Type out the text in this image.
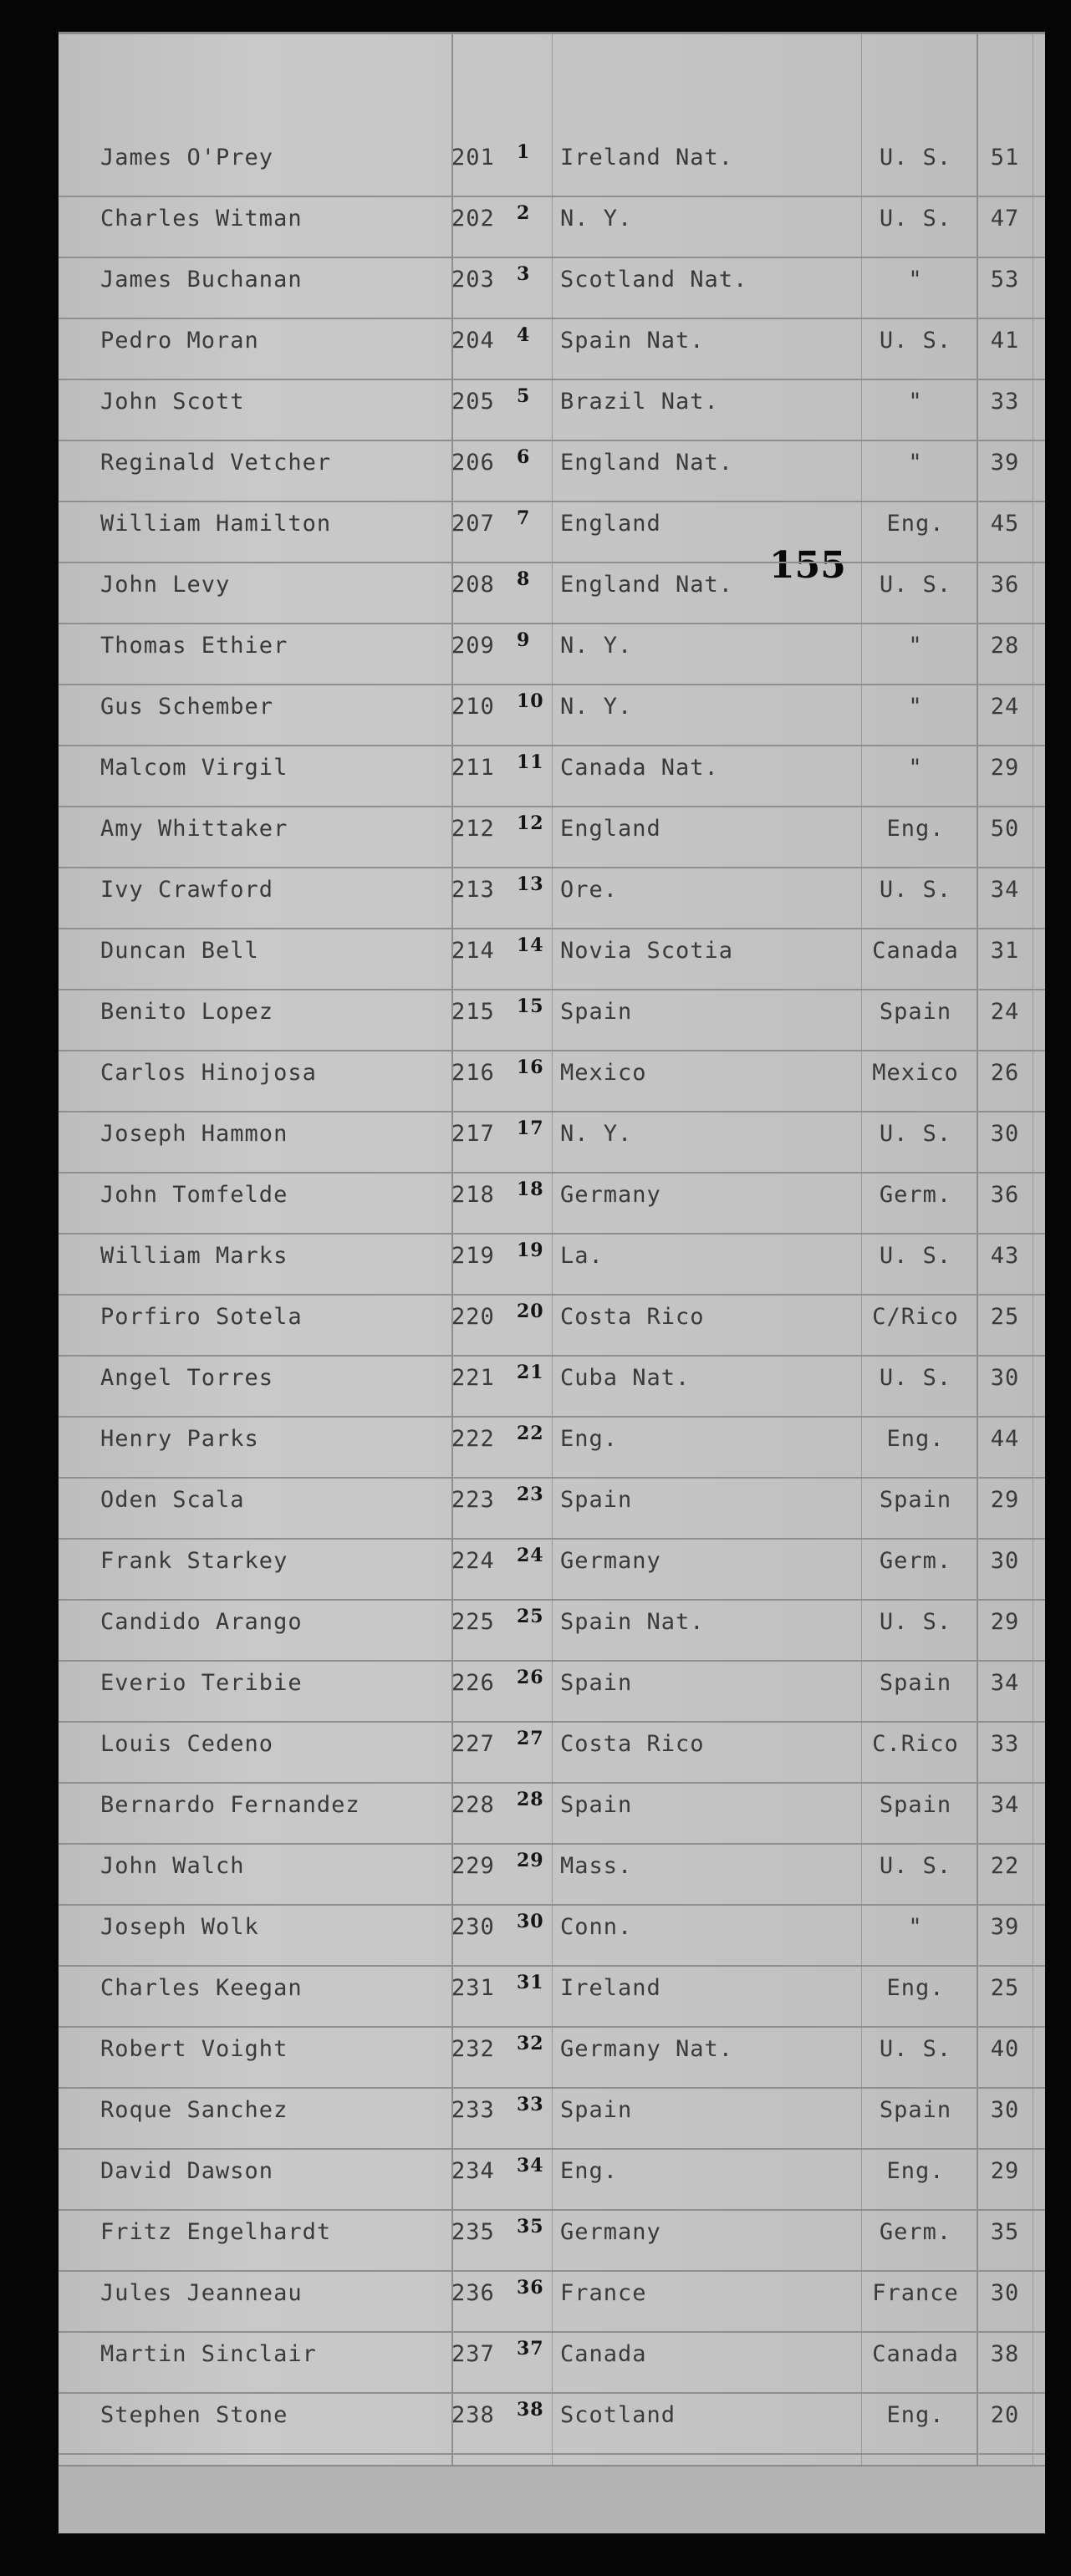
155
James O'Prey	201 1 Ireland Nat.	U. S.	51
Charles Witman	202 2 N. Y.	U. S.	47
James Buchanan	203 3 Scotland Nat.	"	53
Pedro Moran	204 4 Spain Nat.	U. S.	41
John Scott	205 5 Brazil Nat.	"	33
Reginald Vetcher	206 6 England Nat.	"	39
William Hamilton	207 7 England	Eng.	45
John Levy	208 8 England Nat.	U. S.	36
Thomas Ethier	209 9 N. Y.	"	28
Gus Schember	210 10 N. Y.	"	24
Malcom Virgil	211 11 Canada Nat.	"	29
Amy Whittaker	212 12 England	Eng.	50
Ivy Crawford	213 13 Ore.	U. S.	34
Duncan Bell	214 14 Novia Scotia	Canada	31
Benito Lopez	215 15 Spain	Spain	24
Carlos Hinojosa	216 16 Mexico	Mexico	26
Joseph Hammon	217 17 N. Y.	U. S.	30
John Tomfelde	218 18 Germany	Germ.	36
William Marks	219 19 La.	U. S.	43
Porfiro Sotela	220 20 Costa Rico	C/Rico	25
Angel Torres	221 21 Cuba Nat.	U. S.	30
Henry Parks	222 22 Eng.	Eng.	44
Oden Scala	223 23 Spain	Spain	29
Frank Starkey	224 24 Germany	Germ.	30
Candido Arango	225 25 Spain Nat.	U. S.	29
Everio Teribie	226 26 Spain	Spain	34
Louis Cedeno	227 27 Costa Rico	C.Rico	33
Bernardo Fernandez	228 28 Spain	Spain	34
John Walch	229 29 Mass.	U. S.	22
Joseph Wolk	230 30 Conn.	"	39
Charles Keegan	231 31 Ireland	Eng.	25
Robert Voight	232 32 Germany Nat.	U. S.	40
Roque Sanchez	233 33 Spain	Spain	30
David Dawson	234 34 Eng.	Eng.	29
Fritz Engelhardt	235 35 Germany	Germ.	35
Jules Jeanneau	236 36 France	France	30
Martin Sinclair	237 37 Canada	Canada	38
Stephen Stone	238 38 Scotland	Eng.	20
